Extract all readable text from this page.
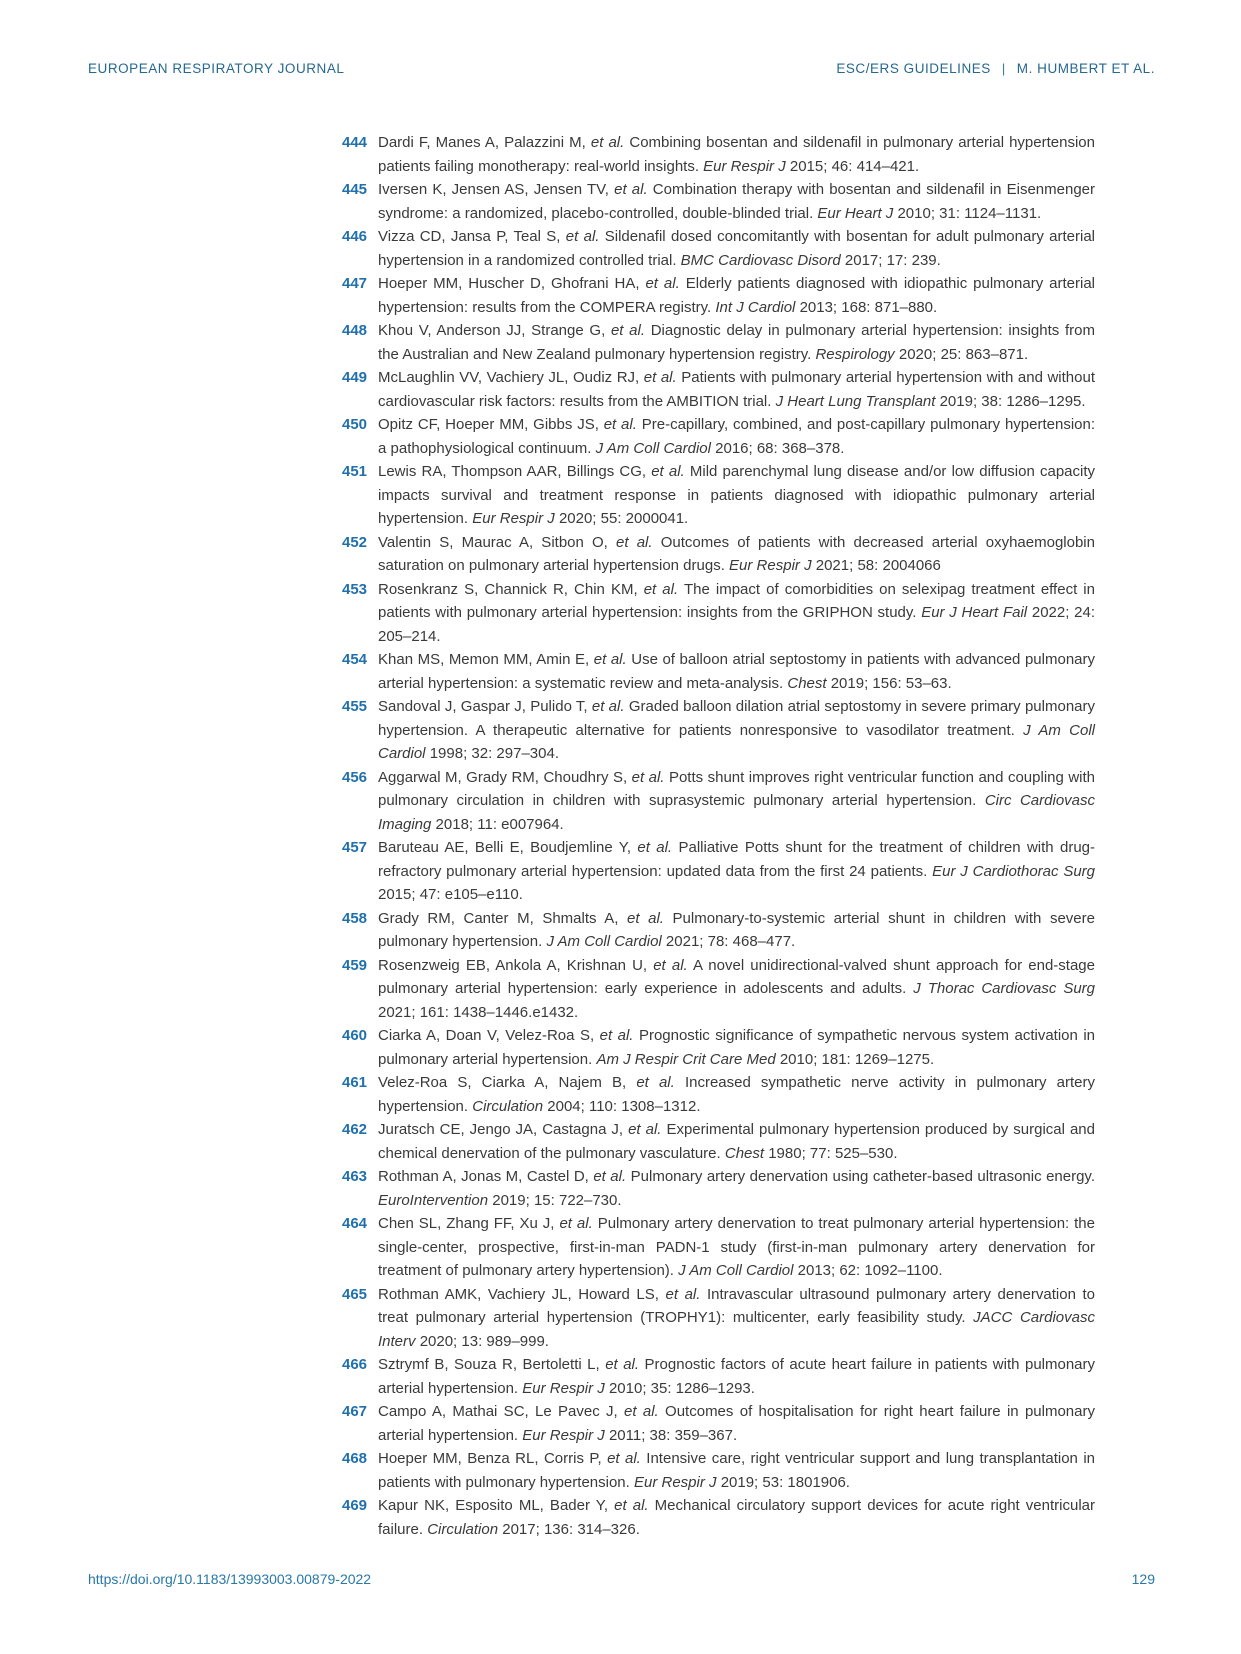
EUROPEAN RESPIRATORY JOURNAL	ESC/ERS GUIDELINES | M. HUMBERT ET AL.
444 Dardi F, Manes A, Palazzini M, et al. Combining bosentan and sildenafil in pulmonary arterial hypertension patients failing monotherapy: real-world insights. Eur Respir J 2015; 46: 414–421.

445 Iversen K, Jensen AS, Jensen TV, et al. Combination therapy with bosentan and sildenafil in Eisenmenger syndrome: a randomized, placebo-controlled, double-blinded trial. Eur Heart J 2010; 31: 1124–1131.

446 Vizza CD, Jansa P, Teal S, et al. Sildenafil dosed concomitantly with bosentan for adult pulmonary arterial hypertension in a randomized controlled trial. BMC Cardiovasc Disord 2017; 17: 239.

447 Hoeper MM, Huscher D, Ghofrani HA, et al. Elderly patients diagnosed with idiopathic pulmonary arterial hypertension: results from the COMPERA registry. Int J Cardiol 2013; 168: 871–880.

448 Khou V, Anderson JJ, Strange G, et al. Diagnostic delay in pulmonary arterial hypertension: insights from the Australian and New Zealand pulmonary hypertension registry. Respirology 2020; 25: 863–871.

449 McLaughlin VV, Vachiery JL, Oudiz RJ, et al. Patients with pulmonary arterial hypertension with and without cardiovascular risk factors: results from the AMBITION trial. J Heart Lung Transplant 2019; 38: 1286–1295.

450 Opitz CF, Hoeper MM, Gibbs JS, et al. Pre-capillary, combined, and post-capillary pulmonary hypertension: a pathophysiological continuum. J Am Coll Cardiol 2016; 68: 368–378.

451 Lewis RA, Thompson AAR, Billings CG, et al. Mild parenchymal lung disease and/or low diffusion capacity impacts survival and treatment response in patients diagnosed with idiopathic pulmonary arterial hypertension. Eur Respir J 2020; 55: 2000041.

452 Valentin S, Maurac A, Sitbon O, et al. Outcomes of patients with decreased arterial oxyhaemoglobin saturation on pulmonary arterial hypertension drugs. Eur Respir J 2021; 58: 2004066

453 Rosenkranz S, Channick R, Chin KM, et al. The impact of comorbidities on selexipag treatment effect in patients with pulmonary arterial hypertension: insights from the GRIPHON study. Eur J Heart Fail 2022; 24: 205–214.

454 Khan MS, Memon MM, Amin E, et al. Use of balloon atrial septostomy in patients with advanced pulmonary arterial hypertension: a systematic review and meta-analysis. Chest 2019; 156: 53–63.

455 Sandoval J, Gaspar J, Pulido T, et al. Graded balloon dilation atrial septostomy in severe primary pulmonary hypertension. A therapeutic alternative for patients nonresponsive to vasodilator treatment. J Am Coll Cardiol 1998; 32: 297–304.

456 Aggarwal M, Grady RM, Choudhry S, et al. Potts shunt improves right ventricular function and coupling with pulmonary circulation in children with suprasystemic pulmonary arterial hypertension. Circ Cardiovasc Imaging 2018; 11: e007964.

457 Baruteau AE, Belli E, Boudjemline Y, et al. Palliative Potts shunt for the treatment of children with drug-refractory pulmonary arterial hypertension: updated data from the first 24 patients. Eur J Cardiothorac Surg 2015; 47: e105–e110.

458 Grady RM, Canter M, Shmalts A, et al. Pulmonary-to-systemic arterial shunt in children with severe pulmonary hypertension. J Am Coll Cardiol 2021; 78: 468–477.

459 Rosenzweig EB, Ankola A, Krishnan U, et al. A novel unidirectional-valved shunt approach for end-stage pulmonary arterial hypertension: early experience in adolescents and adults. J Thorac Cardiovasc Surg 2021; 161: 1438–1446.e1432.

460 Ciarka A, Doan V, Velez-Roa S, et al. Prognostic significance of sympathetic nervous system activation in pulmonary arterial hypertension. Am J Respir Crit Care Med 2010; 181: 1269–1275.

461 Velez-Roa S, Ciarka A, Najem B, et al. Increased sympathetic nerve activity in pulmonary artery hypertension. Circulation 2004; 110: 1308–1312.

462 Juratsch CE, Jengo JA, Castagna J, et al. Experimental pulmonary hypertension produced by surgical and chemical denervation of the pulmonary vasculature. Chest 1980; 77: 525–530.

463 Rothman A, Jonas M, Castel D, et al. Pulmonary artery denervation using catheter-based ultrasonic energy. EuroIntervention 2019; 15: 722–730.

464 Chen SL, Zhang FF, Xu J, et al. Pulmonary artery denervation to treat pulmonary arterial hypertension: the single-center, prospective, first-in-man PADN-1 study (first-in-man pulmonary artery denervation for treatment of pulmonary artery hypertension). J Am Coll Cardiol 2013; 62: 1092–1100.

465 Rothman AMK, Vachiery JL, Howard LS, et al. Intravascular ultrasound pulmonary artery denervation to treat pulmonary arterial hypertension (TROPHY1): multicenter, early feasibility study. JACC Cardiovasc Interv 2020; 13: 989–999.

466 Sztrymf B, Souza R, Bertoletti L, et al. Prognostic factors of acute heart failure in patients with pulmonary arterial hypertension. Eur Respir J 2010; 35: 1286–1293.

467 Campo A, Mathai SC, Le Pavec J, et al. Outcomes of hospitalisation for right heart failure in pulmonary arterial hypertension. Eur Respir J 2011; 38: 359–367.

468 Hoeper MM, Benza RL, Corris P, et al. Intensive care, right ventricular support and lung transplantation in patients with pulmonary hypertension. Eur Respir J 2019; 53: 1801906.

469 Kapur NK, Esposito ML, Bader Y, et al. Mechanical circulatory support devices for acute right ventricular failure. Circulation 2017; 136: 314–326.

https://doi.org/10.1183/13993003.00879-2022	129
